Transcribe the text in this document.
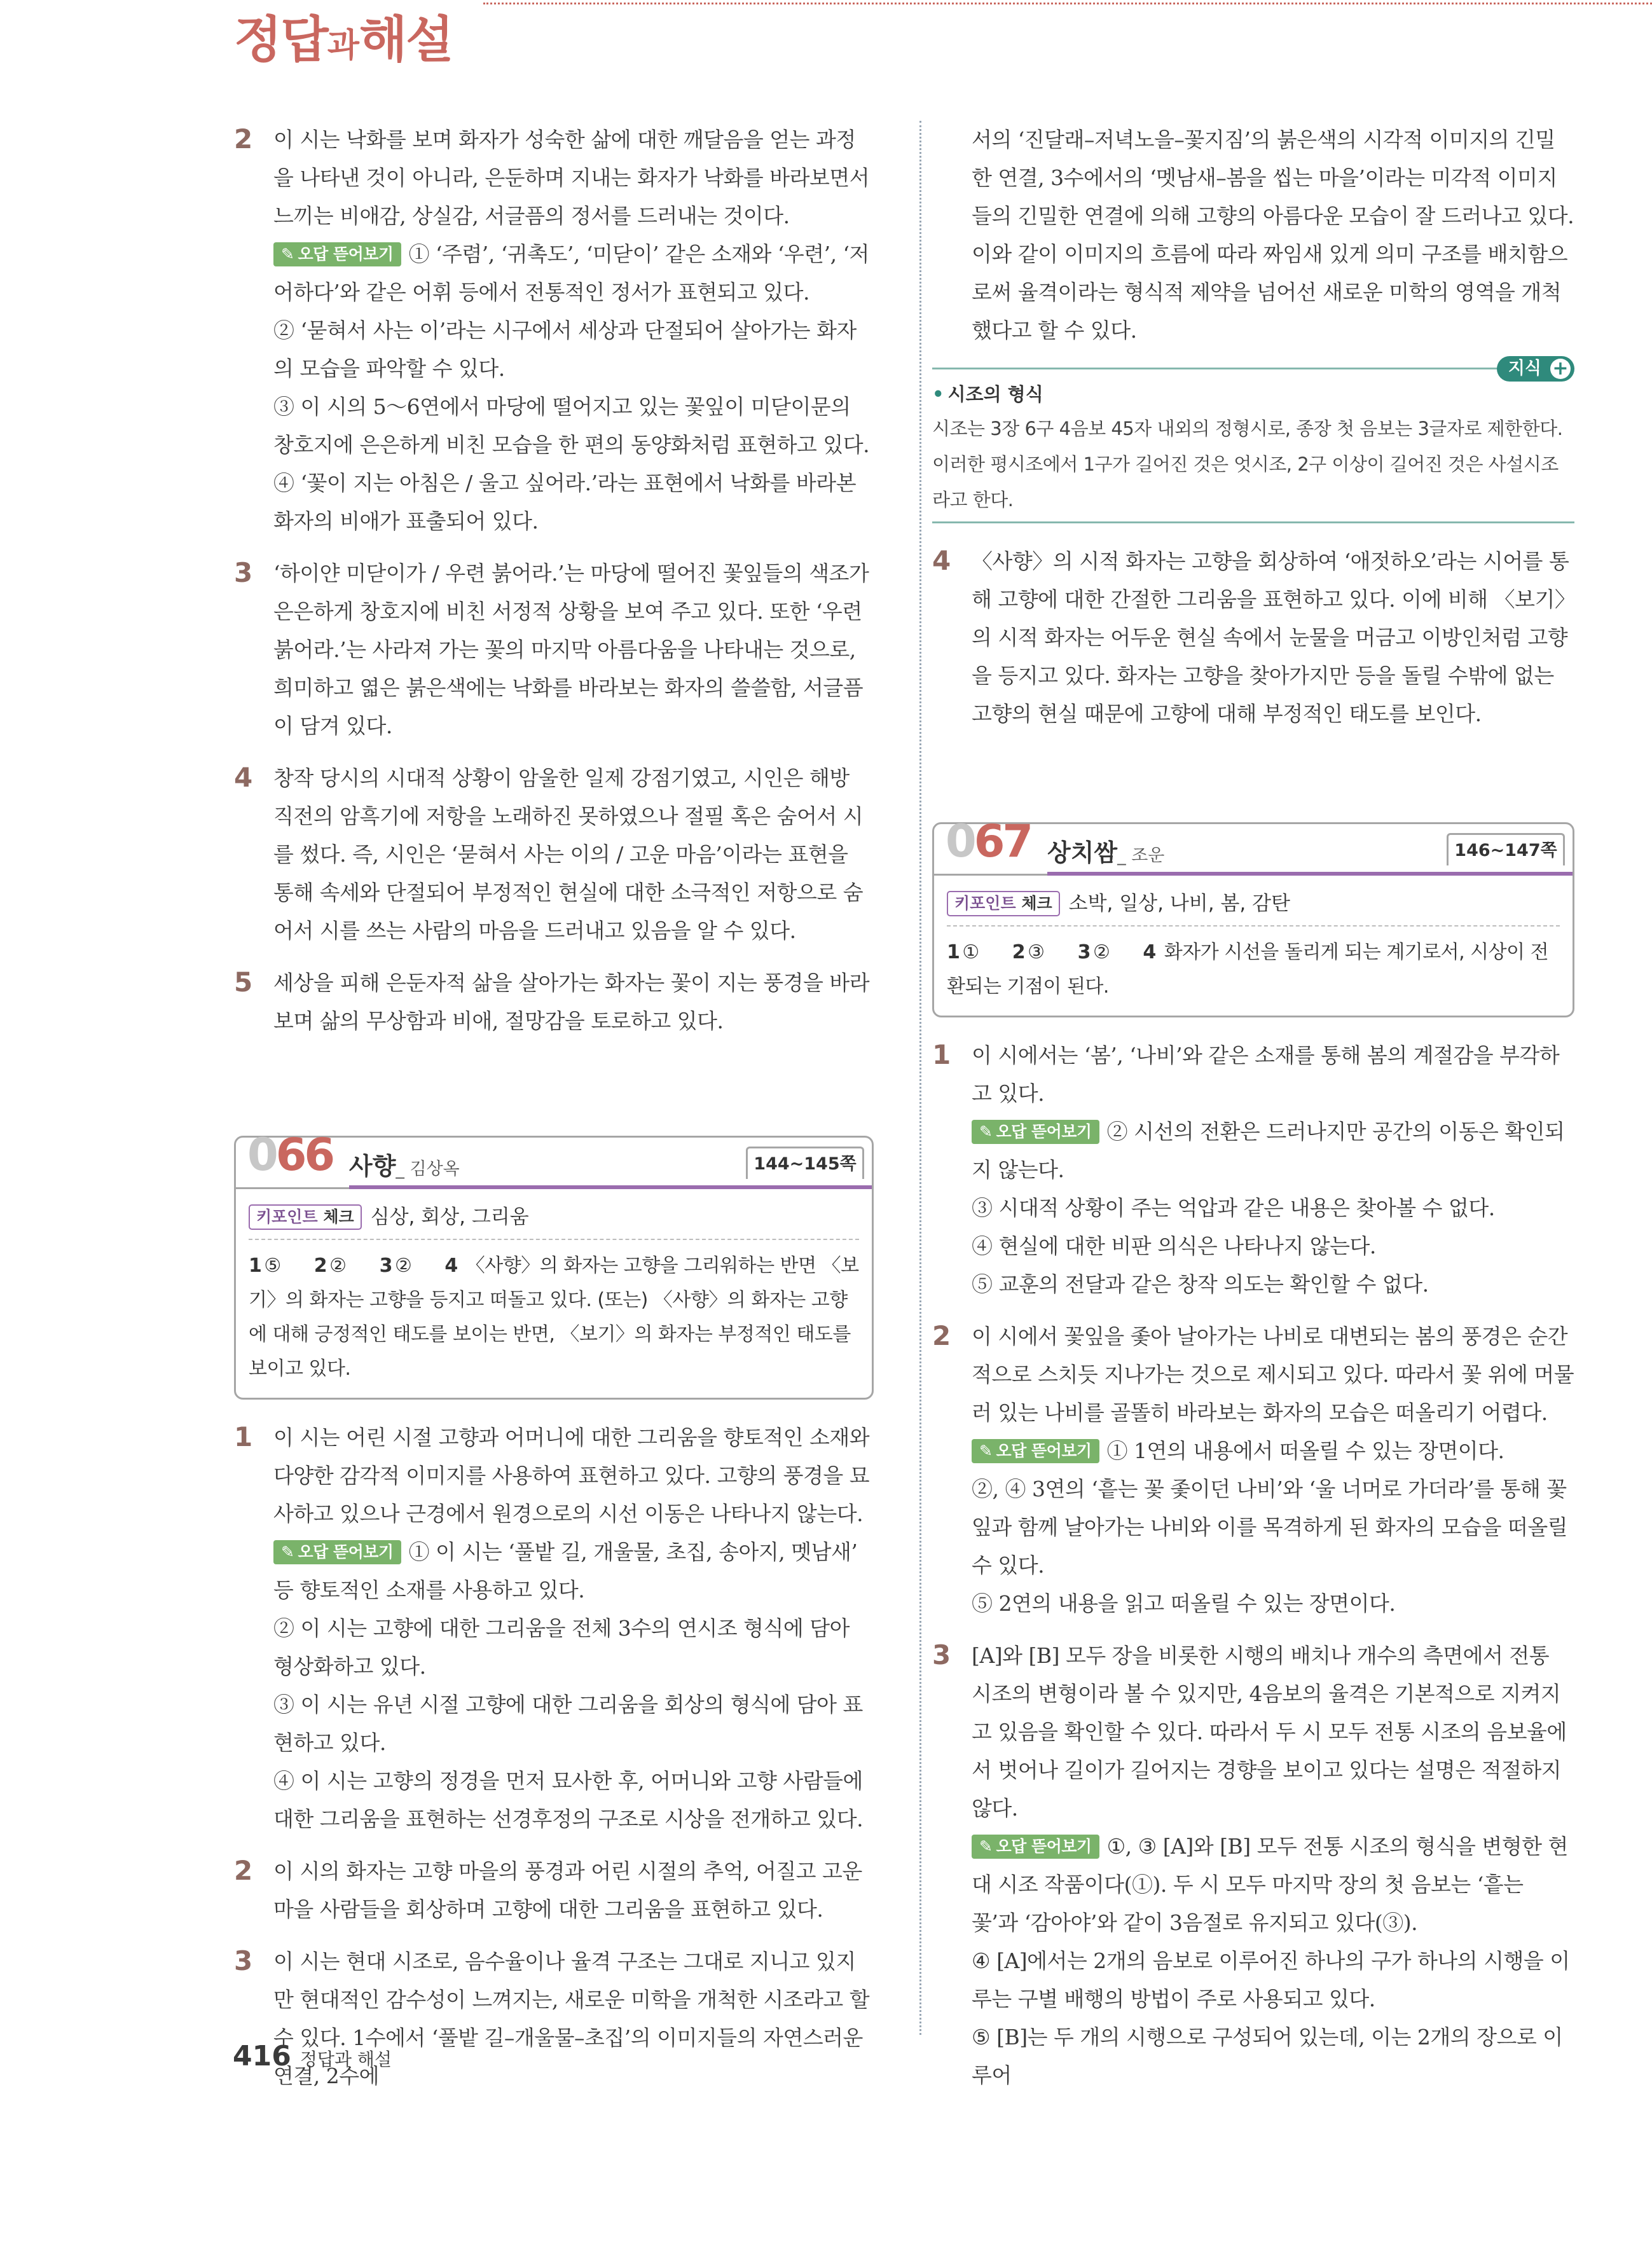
정답과해설
2 이 시는 낙화를 보며 화자가 성숙한 삶에 대한 깨달음을 얻는 과정을 나타낸 것이 아니라, 은둔하며 지내는 화자가 낙화를 바라보면서 느끼는 비애감, 상실감, 서글픔의 정서를 드러내는 것이다.

✎ 오답 뜯어보기 ① ‘주렴’, ‘귀촉도’, ‘미닫이’ 같은 소재와 ‘우련’, ‘저어하다’와 같은 어휘 등에서 전통적인 정서가 표현되고 있다.

② ‘묻혀서 사는 이’라는 시구에서 세상과 단절되어 살아가는 화자의 모습을 파악할 수 있다.

③ 이 시의 5～6연에서 마당에 떨어지고 있는 꽃잎이 미닫이문의 창호지에 은은하게 비친 모습을 한 편의 동양화처럼 표현하고 있다.

④ ‘꽃이 지는 아침은 / 울고 싶어라.’라는 표현에서 낙화를 바라본 화자의 비애가 표출되어 있다.

3 ‘하이얀 미닫이가 / 우련 붉어라.’는 마당에 떨어진 꽃잎들의 색조가 은은하게 창호지에 비친 서정적 상황을 보여 주고 있다. 또한 ‘우련 붉어라.’는 사라져 가는 꽃의 마지막 아름다움을 나타내는 것으로, 희미하고 엷은 붉은색에는 낙화를 바라보는 화자의 쓸쓸함, 서글픔이 담겨 있다.

4 창작 당시의 시대적 상황이 암울한 일제 강점기였고, 시인은 해방 직전의 암흑기에 저항을 노래하진 못하였으나 절필 혹은 숨어서 시를 썼다. 즉, 시인은 ‘묻혀서 사는 이의 / 고운 마음’이라는 표현을 통해 속세와 단절되어 부정적인 현실에 대한 소극적인 저항으로 숨어서 시를 쓰는 사람의 마음을 드러내고 있음을 알 수 있다.

5 세상을 피해 은둔자적 삶을 살아가는 화자는 꽃이 지는 풍경을 바라보며 삶의 무상함과 비애, 절망감을 토로하고 있다.

066 사향_ 김상옥	144~145쪽
키포인트 체크 심상, 회상, 그리움
1 ⑤ 2 ② 3 ② 4 〈사향〉의 화자는 고향을 그리워하는 반면 〈보기〉의 화자는 고향을 등지고 떠돌고 있다. (또는) 〈사향〉의 화자는 고향에 대해 긍정적인 태도를 보이는 반면, 〈보기〉의 화자는 부정적인 태도를 보이고 있다.
1 이 시는 어린 시절 고향과 어머니에 대한 그리움을 향토적인 소재와 다양한 감각적 이미지를 사용하여 표현하고 있다. 고향의 풍경을 묘사하고 있으나 근경에서 원경으로의 시선 이동은 나타나지 않는다.

✎ 오답 뜯어보기 ① 이 시는 ‘풀밭 길, 개울물, 초집, 송아지, 멧남새’ 등 향토적인 소재를 사용하고 있다.

② 이 시는 고향에 대한 그리움을 전체 3수의 연시조 형식에 담아 형상화하고 있다.

③ 이 시는 유년 시절 고향에 대한 그리움을 회상의 형식에 담아 표현하고 있다.

④ 이 시는 고향의 정경을 먼저 묘사한 후, 어머니와 고향 사람들에 대한 그리움을 표현하는 선경후정의 구조로 시상을 전개하고 있다.

2 이 시의 화자는 고향 마을의 풍경과 어린 시절의 추억, 어질고 고운 마을 사람들을 회상하며 고향에 대한 그리움을 표현하고 있다.

3 이 시는 현대 시조로, 음수율이나 율격 구조는 그대로 지니고 있지만 현대적인 감수성이 느껴지는, 새로운 미학을 개척한 시조라고 할 수 있다. 1수에서 ‘풀밭 길–개울물–초집’의 이미지들의 자연스러운 연결, 2수에

서의 ‘진달래–저녁노을–꽃지짐’의 붉은색의 시각적 이미지의 긴밀한 연결, 3수에서의 ‘멧남새–봄을 씹는 마을’이라는 미각적 이미지들의 긴밀한 연결에 의해 고향의 아름다운 모습이 잘 드러나고 있다. 이와 같이 이미지의 흐름에 따라 짜임새 있게 의미 구조를 배치함으로써 율격이라는 형식적 제약을 넘어선 새로운 미학의 영역을 개척했다고 할 수 있다.
지식 +
• 시조의 형식
시조는 3장 6구 4음보 45자 내외의 정형시로, 종장 첫 음보는 3글자로 제한한다. 이러한 평시조에서 1구가 길어진 것은 엇시조, 2구 이상이 길어진 것은 사설시조라고 한다.
4 〈사향〉의 시적 화자는 고향을 회상하여 ‘애젓하오’라는 시어를 통해 고향에 대한 간절한 그리움을 표현하고 있다. 이에 비해 〈보기〉의 시적 화자는 어두운 현실 속에서 눈물을 머금고 이방인처럼 고향을 등지고 있다. 화자는 고향을 찾아가지만 등을 돌릴 수밖에 없는 고향의 현실 때문에 고향에 대해 부정적인 태도를 보인다.

067 상치쌈_ 조운	146~147쪽
키포인트 체크 소박, 일상, 나비, 봄, 감탄
1 ① 2 ③ 3 ② 4 화자가 시선을 돌리게 되는 계기로서, 시상이 전환되는 기점이 된다.
1 이 시에서는 ‘봄’, ‘나비’와 같은 소재를 통해 봄의 계절감을 부각하고 있다.

✎ 오답 뜯어보기 ② 시선의 전환은 드러나지만 공간의 이동은 확인되지 않는다.

③ 시대적 상황이 주는 억압과 같은 내용은 찾아볼 수 없다.

④ 현실에 대한 비판 의식은 나타나지 않는다.

⑤ 교훈의 전달과 같은 창작 의도는 확인할 수 없다.

2 이 시에서 꽃잎을 좇아 날아가는 나비로 대변되는 봄의 풍경은 순간적으로 스치듯 지나가는 것으로 제시되고 있다. 따라서 꽃 위에 머물러 있는 나비를 골똘히 바라보는 화자의 모습은 떠올리기 어렵다.

✎ 오답 뜯어보기 ① 1연의 내용에서 떠올릴 수 있는 장면이다.

②, ④ 3연의 ‘흩는 꽃 좇이던 나비’와 ‘울 너머로 가더라’를 통해 꽃잎과 함께 날아가는 나비와 이를 목격하게 된 화자의 모습을 떠올릴 수 있다.

⑤ 2연의 내용을 읽고 떠올릴 수 있는 장면이다.

3 [A]와 [B] 모두 장을 비롯한 시행의 배치나 개수의 측면에서 전통 시조의 변형이라 볼 수 있지만, 4음보의 율격은 기본적으로 지켜지고 있음을 확인할 수 있다. 따라서 두 시 모두 전통 시조의 음보율에서 벗어나 길이가 길어지는 경향을 보이고 있다는 설명은 적절하지 않다.

✎ 오답 뜯어보기 ①, ③ [A]와 [B] 모두 전통 시조의 형식을 변형한 현대 시조 작품이다(①). 두 시 모두 마지막 장의 첫 음보는 ‘흩는 꽃’과 ‘감아야’와 같이 3음절로 유지되고 있다(③).

④ [A]에서는 2개의 음보로 이루어진 하나의 구가 하나의 시행을 이루는 구별 배행의 방법이 주로 사용되고 있다.

⑤ [B]는 두 개의 시행으로 구성되어 있는데, 이는 2개의 장으로 이루어

416 정답과 해설
